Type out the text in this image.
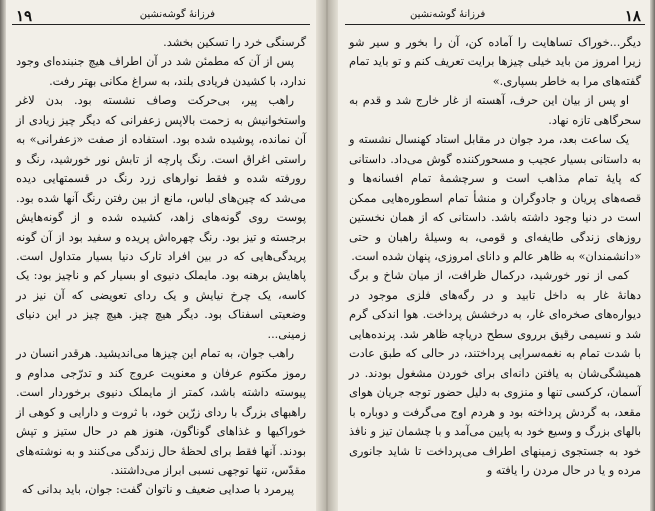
۱۹	فرزانهٔ گوشه‌نشین

گرسنگی خرد را تسکین بخشد.

پس از آن که مطمئن شد در آن اطراف هیچ جنبنده‌ای وجود ندارد، با کشیدن فریادی بلند، به سراغ مکانی بهتر رفت.

راهب پیر، بی‌حرکت وصاف نشسته بود. بدن لاغر واستخوانیش به زحمت بالاپس زعفرانی که دیگر چیز زیادی از آن نمانده، پوشیده شده بود. استفاده از صفت «زعفرانی» به راستی اغراق است. رنگ پارچه از تابش نور خورشید، رنگ و رورفته شده و فقط نوارهای زرد رنگ در قسمتهایی دیده می‌شد که چین‌های لباس، مانع از بین رفتن رنگ آنها شده بود. پوست روی گونه‌های زاهد، کشیده شده و از گونه‌هایش برجسته و تیز بود. رنگ چهره‌اش پریده و سفید بود از آن گونه پریدگی‌هایی که در بین افراد تارک دنیا بسیار متداول است. پاهایش برهنه بود. مایملک دنیوی او بسیار کم و ناچیز بود: یک کاسه، یک چرخ نیایش و یک ردای تعویضی که آن نیز در وضعیتی اسفناک بود. دیگر هیچ چیز. هیچ چیز در این دنیای زمینی...

راهب جوان، به تمام این چیزها می‌اندیشید. هرقدر انسان در رموز مکتوم عرفان و معنویت عروج کند و تدرّجی مداوم و پیوسته داشته باشد، کمتر از مایملک دنیوی برخوردار است. راهبهای بزرگ با ردای زرّین خود، با ثروت و دارایی و کوهی از خوراکیها و غذاهای گوناگون، هنوز هم در حال ستیز و تپش بودند. آنها فقط برای لحظهٔ حال زندگی می‌کنند و به نوشته‌های مقدّس، تنها توجهی نسبی ابراز می‌داشتند.

پیرمرد با صدایی ضعیف و ناتوان گفت: جوان، باید بدانی که

فرزانهٔ گوشه‌نشین	۱۸

دیگر...خوراک تساهایت را آماده کن، آن را بخور و سیر شو زیرا امروز من باید خیلی چیزها برایت تعریف کنم و تو باید تمام گفته‌های مرا به خاطر بسپاری.»

او پس از بیان این حرف، آهسته از غار خارج شد و قدم به سحرگاهی تازه نهاد.

یک ساعت بعد، مرد جوان در مقابل استاد کهنسال نشسته و به داستانی بسیار عجیب و مسحورکننده گوش می‌داد. داستانی که پایهٔ تمام مذاهب است و سرچشمهٔ تمام افسانه‌ها و قصه‌های پریان و جادوگران و منشأ تمام اسطوره‌هایی ممکن است در دنیا وجود داشته باشد. داستانی که از همان نخستین روزهای زندگی طایفه‌ای و قومی، به وسیلهٔ راهبان و حتی «دانشمندان» به ظاهر عالم و دانای امروزی، پنهان شده است.

کمی از نور خورشید، درکمال ظرافت، از میان شاخ و برگ دهانهٔ غار به داخل تابید و در رگه‌های فلزی موجود در دیواره‌های صخره‌ای غار، به درخشش پرداخت. هوا اندکی گرم شد و نسیمی رقیق برروی سطح دریاچه ظاهر شد. پرنده‌هایی با شدت تمام به نغمه‌سرایی پرداختند، در حالی که طبق عادت همیشگی‌شان به یافتن دانه‌ای برای خوردن مشغول بودند. در آسمان، کرکسی تنها و منزوی به دلیل حضور توجه جریان هوای مقعد، به گردش پرداخته بود و هردم اوج می‌گرفت و دوباره با بالهای بزرگ و وسیع خود به پایین می‌آمد و با چشمان تیز و نافذ خود به جستجوی زمینهای اطراف می‌پرداخت تا شاید جانوری مرده و یا در حال مردن را یافته و
